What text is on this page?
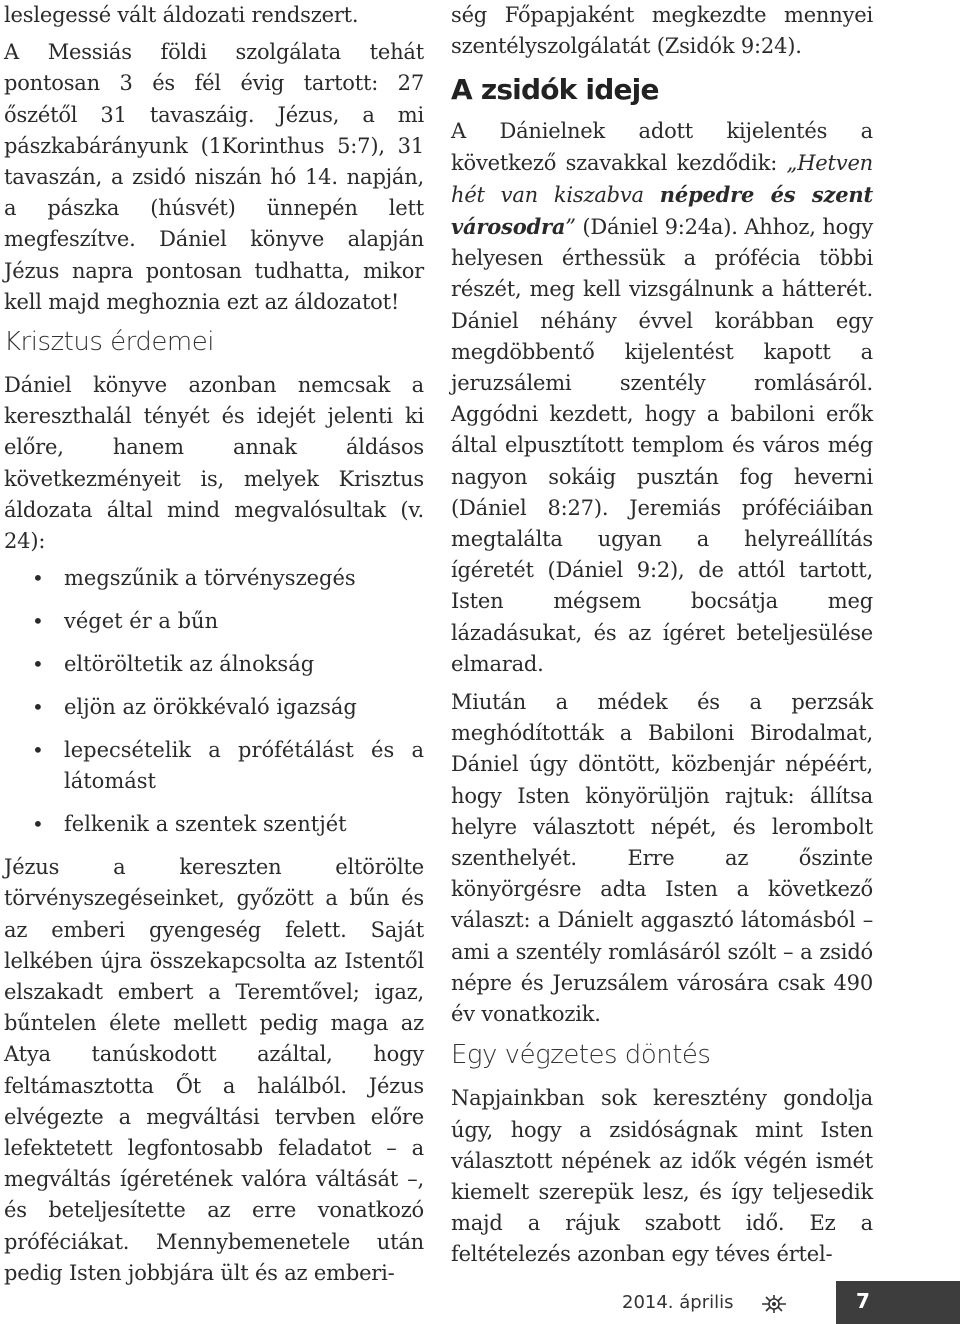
leslegessé vált áldozati rendszert.

A Messiás földi szolgálata tehát pontosan 3 és fél évig tartott: 27 őszétől 31 tavaszáig. Jézus, a mi pászkabárányunk (1Korinthus 5:7), 31 tavaszán, a zsidó niszán hó 14. napján, a pászka (húsvét) ünnepén lett megfeszítve. Dániel könyve alapján Jézus napra pontosan tudhatta, mikor kell majd meghoznia ezt az áldozatot!

Krisztus érdemei

Dániel könyve azonban nemcsak a kereszthalál tényét és idejét jelenti ki előre, hanem annak áldásos következményeit is, melyek Krisztus áldozata által mind megvalósultak (v. 24):

• megszűnik a törvényszegés
• véget ér a bűn
• eltöröltetik az álnokság
• eljön az örökkévaló igazság
• lepecsételik a prófétálást és a látomást
• felkenik a szentek szentjét

Jézus a kereszten eltörölte törvényszegéseinket, győzött a bűn és az emberi gyengeség felett. Saját lelkében újra összekapcsolta az Istentől elszakadt embert a Teremtővel; igaz, bűntelen élete mellett pedig maga az Atya tanúskodott azáltal, hogy feltámasztotta Őt a halálból. Jézus elvégezte a megváltási tervben előre lefektetett legfontosabb feladatot – a megváltás ígéretének valóra váltását –, és beteljesítette az erre vonatkozó próféciákat. Mennybemenetele után pedig Isten jobbjára ült és az emberi-

ség Főpapjaként megkezdte mennyei szentélyszolgálatát (Zsidók 9:24).

A zsidók ideje

A Dánielnek adott kijelentés a következő szavakkal kezdődik: „Hetven hét van kiszabva népedre és szent városodra” (Dániel 9:24a). Ahhoz, hogy helyesen érthessük a prófécia többi részét, meg kell vizsgálnunk a hátterét. Dániel néhány évvel korábban egy megdöbbentő kijelentést kapott a jeruzsálemi szentély romlásáról. Aggódni kezdett, hogy a babiloni erők által elpusztított templom és város még nagyon sokáig pusztán fog heverni (Dániel 8:27). Jeremiás próféciáiban megtalálta ugyan a helyreállítás ígéretét (Dániel 9:2), de attól tartott, Isten mégsem bocsátja meg lázadásukat, és az ígéret beteljesülése elmarad.

Miután a médek és a perzsák meghódították a Babiloni Birodalmat, Dániel úgy döntött, közbenjár népéért, hogy Isten könyörüljön rajtuk: állítsa helyre választott népét, és lerombolt szenthelyét. Erre az őszinte könyörgésre adta Isten a következő választ: a Dánielt aggasztó látomásból – ami a szentély romlásáról szólt – a zsidó népre és Jeruzsálem városára csak 490 év vonatkozik.

Egy végzetes döntés

Napjainkban sok keresztény gondolja úgy, hogy a zsidóságnak mint Isten választott népének az idők végén ismét kiemelt szerepük lesz, és így teljesedik majd a rájuk szabott idő. Ez a feltételezés azonban egy téves értel-

2014. április	7
